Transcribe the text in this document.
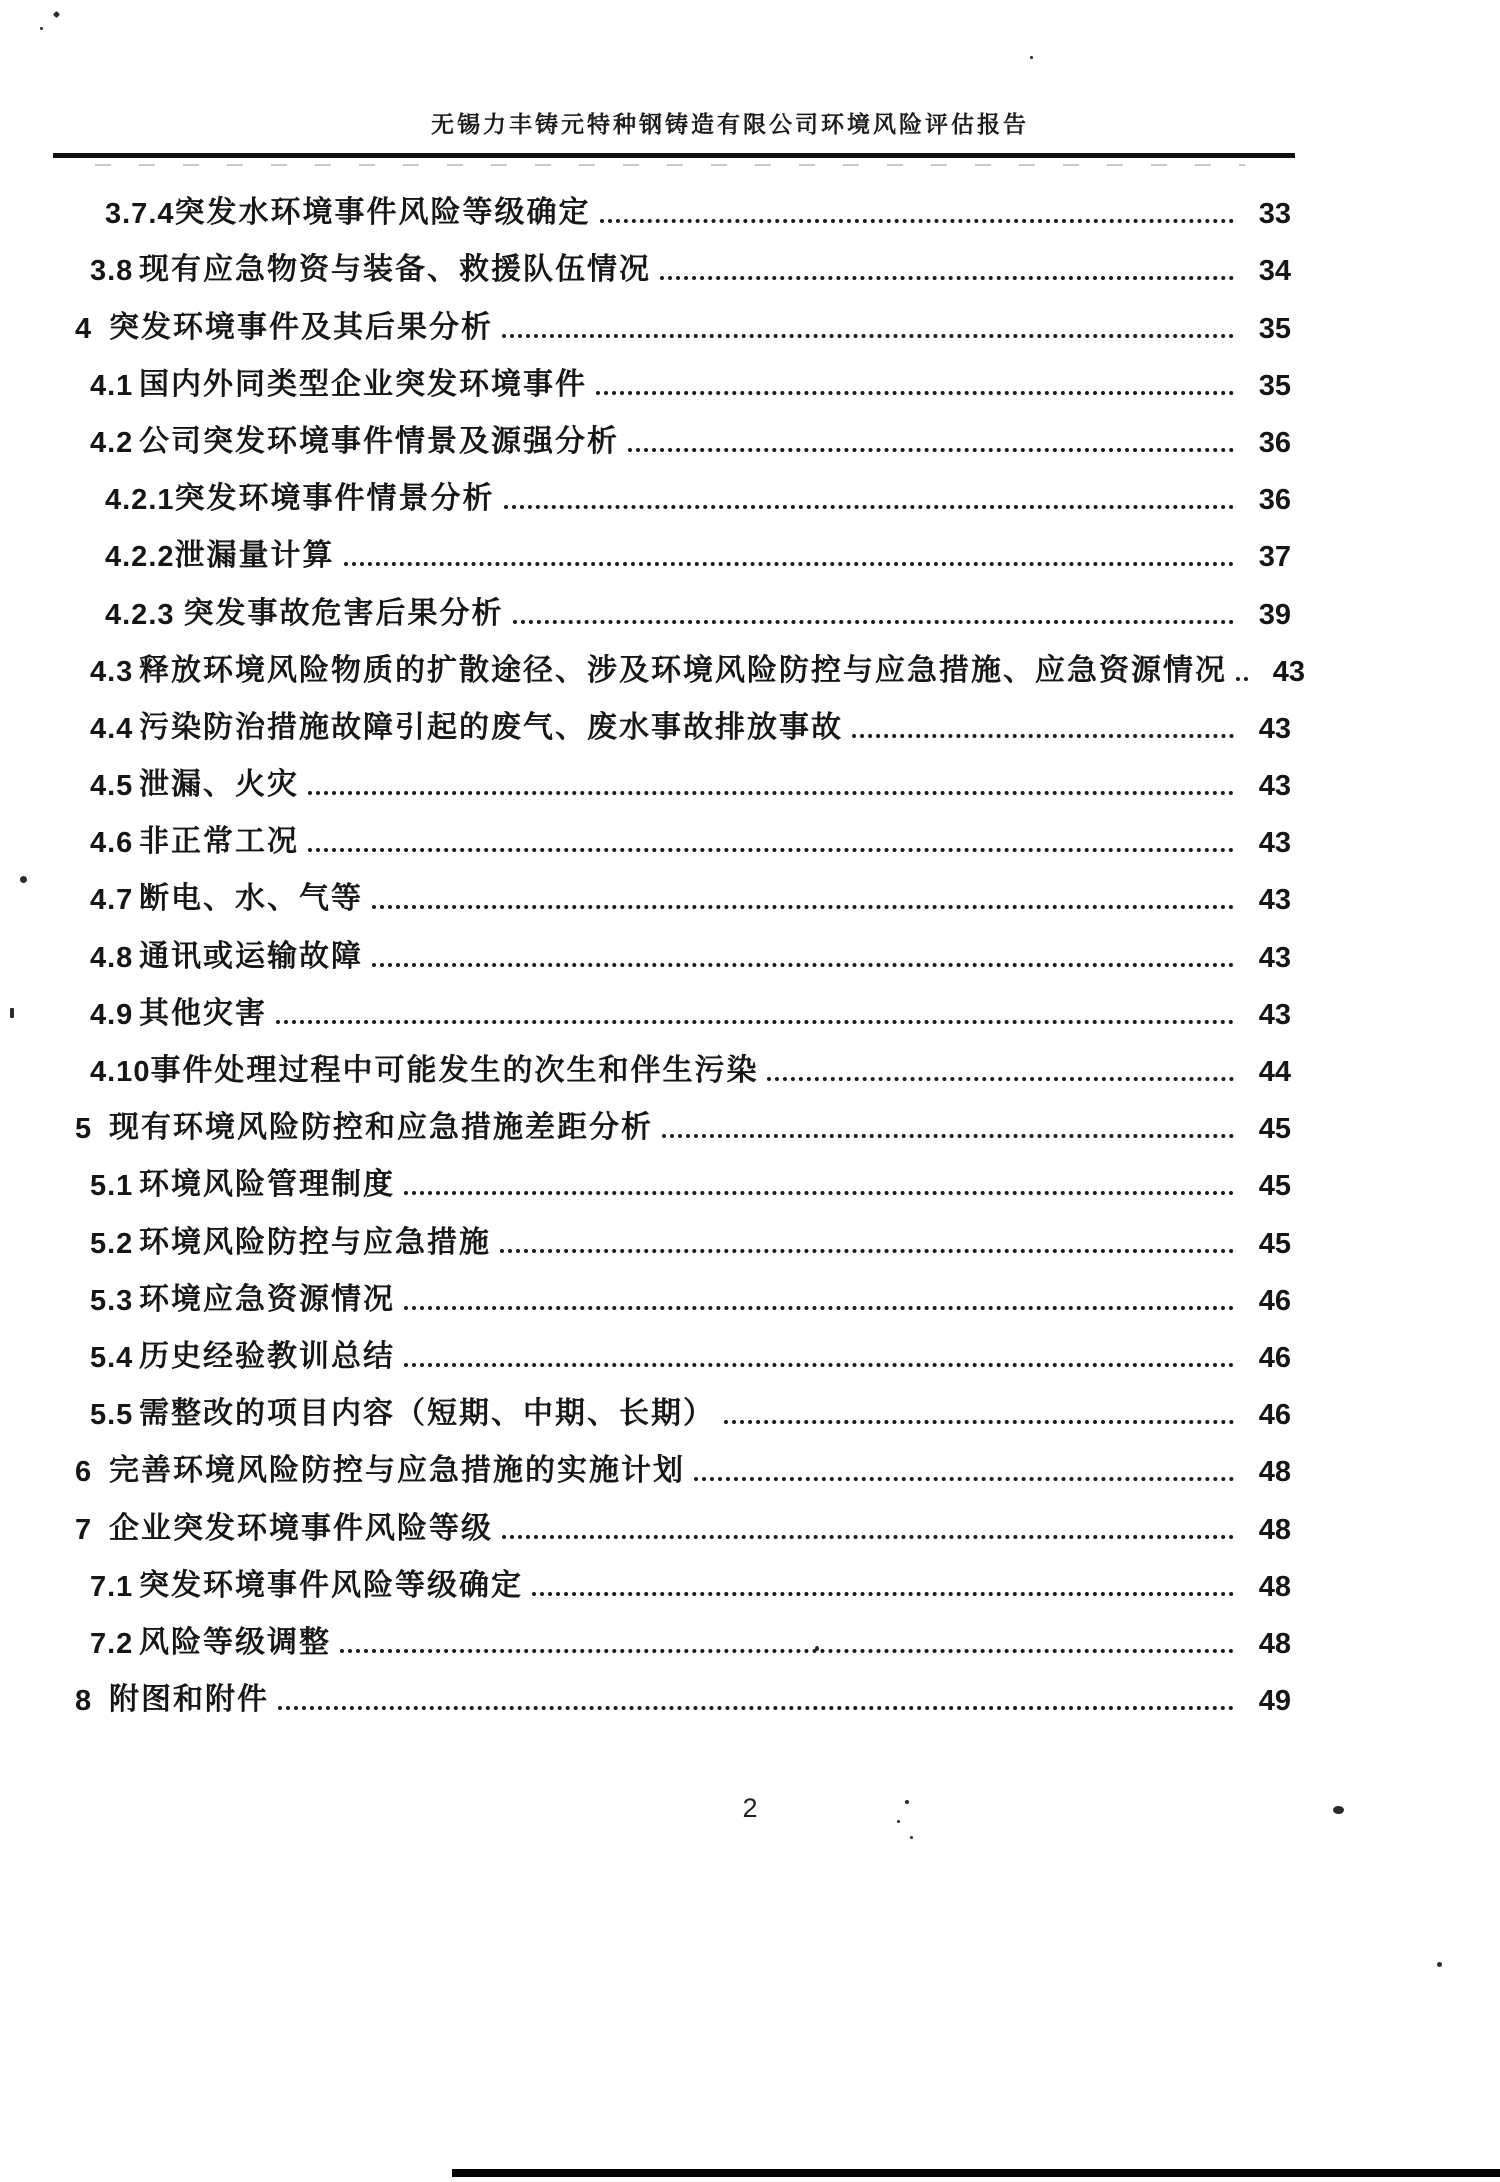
无锡力丰铸元特种钢铸造有限公司环境风险评估报告
3.7.4 突发水环境事件风险等级确定	33
3.8 现有应急物资与装备、救援队伍情况	34
4 突发环境事件及其后果分析	35
4.1 国内外同类型企业突发环境事件	35
4.2 公司突发环境事件情景及源强分析	36
4.2.1 突发环境事件情景分析	36
4.2.2 泄漏量计算	37
4.2.3 突发事故危害后果分析	39
4.3 释放环境风险物质的扩散途径、涉及环境风险防控与应急措施、应急资源情况	43
4.4 污染防治措施故障引起的废气、废水事故排放事故	43
4.5 泄漏、火灾	43
4.6 非正常工况	43
4.7 断电、水、气等	43
4.8 通讯或运输故障	43
4.9 其他灾害	43
4.10 事件处理过程中可能发生的次生和伴生污染	44
5 现有环境风险防控和应急措施差距分析	45
5.1 环境风险管理制度	45
5.2 环境风险防控与应急措施	45
5.3 环境应急资源情况	46
5.4 历史经验教训总结	46
5.5 需整改的项目内容（短期、中期、长期）	46
6 完善环境风险防控与应急措施的实施计划	48
7 企业突发环境事件风险等级	48
7.1 突发环境事件风险等级确定	48
7.2 风险等级调整	48
8 附图和附件	49
2
